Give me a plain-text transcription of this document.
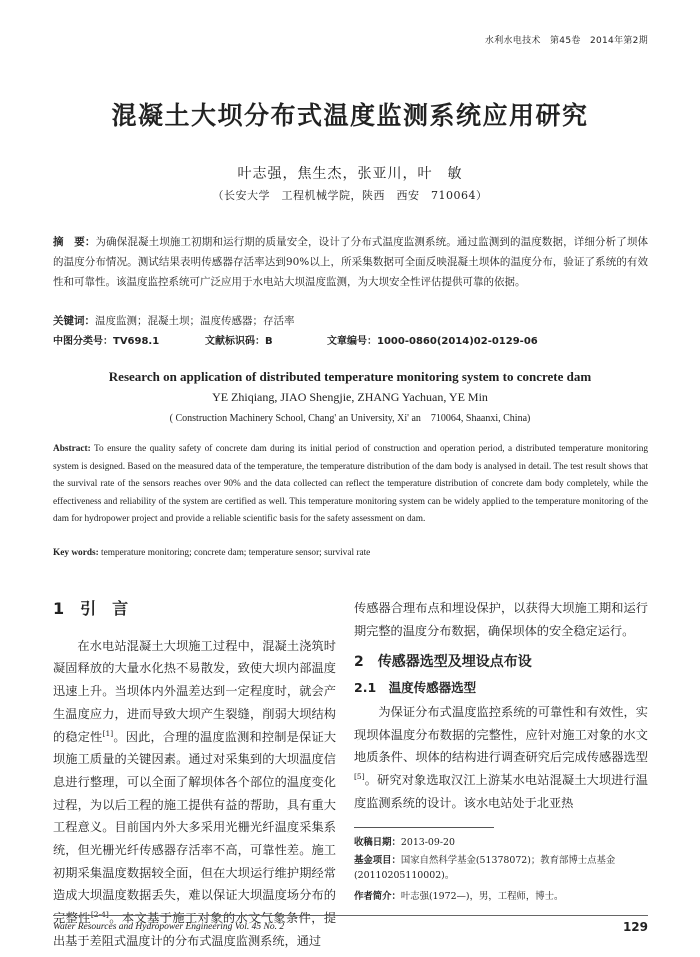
水利水电技术　第45卷　2014年第2期
混凝土大坝分布式温度监测系统应用研究
叶志强，焦生杰，张亚川，叶　敏
（长安大学　工程机械学院，陕西　西安　710064）
摘　要：为确保混凝土坝施工初期和运行期的质量安全，设计了分布式温度监测系统。通过监测到的温度数据，详细分析了坝体的温度分布情况。测试结果表明传感器存活率达到90%以上，所采集数据可全面反映混凝土坝体的温度分布，验证了系统的有效性和可靠性。该温度监控系统可广泛应用于水电站大坝温度监测，为大坝安全性评估提供可靠的依据。
关键词：温度监测；混凝土坝；温度传感器；存活率
中图分类号：TV698.1	文献标识码：B	文章编号：1000-0860(2014)02-0129-06
Research on application of distributed temperature monitoring system to concrete dam
YE Zhiqiang, JIAO Shengjie, ZHANG Yachuan, YE Min
( Construction Machinery School, Chang' an University, Xi' an　710064, Shaanxi, China)
Abstract: To ensure the quality safety of concrete dam during its initial period of construction and operation period, a distributed temperature monitoring system is designed. Based on the measured data of the temperature, the temperature distribution of the dam body is analysed in detail. The test result shows that the survival rate of the sensors reaches over 90% and the data collected can reflect the temperature distribution of concrete dam body completely, while the effectiveness and reliability of the system are certified as well. This temperature monitoring system can be widely applied to the temperature monitoring of the dam for hydropower project and provide a reliable scientific basis for the safety assessment on dam.
Key words: temperature monitoring; concrete dam; temperature sensor; survival rate
1　引　言
在水电站混凝土大坝施工过程中，混凝土浇筑时凝固释放的大量水化热不易散发，致使大坝内部温度迅速上升。当坝体内外温差达到一定程度时，就会产生温度应力，进而导致大坝产生裂缝，削弱大坝结构的稳定性[1]。因此，合理的温度监测和控制是保证大坝施工质量的关键因素。通过对采集到的大坝温度信息进行整理，可以全面了解坝体各个部位的温度变化过程，为以后工程的施工提供有益的帮助，具有重大工程意义。目前国内外大多采用光栅光纤温度采集系统，但光栅光纤传感器存活率不高，可靠性差。施工初期采集温度数据较全面，但在大坝运行维护期经常造成大坝温度数据丢失，难以保证大坝温度场分布的完整性[2-4]。本文基于施工对象的水文气象条件，提出基于差阻式温度计的分布式温度监测系统，通过
传感器合理布点和埋设保护，以获得大坝施工期和运行期完整的温度分布数据，确保坝体的安全稳定运行。
2　传感器选型及埋设点布设
2.1　温度传感器选型
为保证分布式温度监控系统的可靠性和有效性，实现坝体温度分布数据的完整性，应针对施工对象的水文地质条件、坝体的结构进行调查研究后完成传感器选型[5]。研究对象选取汉江上游某水电站混凝土大坝进行温度监测系统的设计。该水电站处于北亚热
收稿日期：2013-09-20
基金项目：国家自然科学基金(51378072)；教育部博士点基金(20110205110002)。
作者简介：叶志强(1972—)，男，工程师，博士。
Water Resources and Hydropower Engineering Vol. 45 No. 2	129
